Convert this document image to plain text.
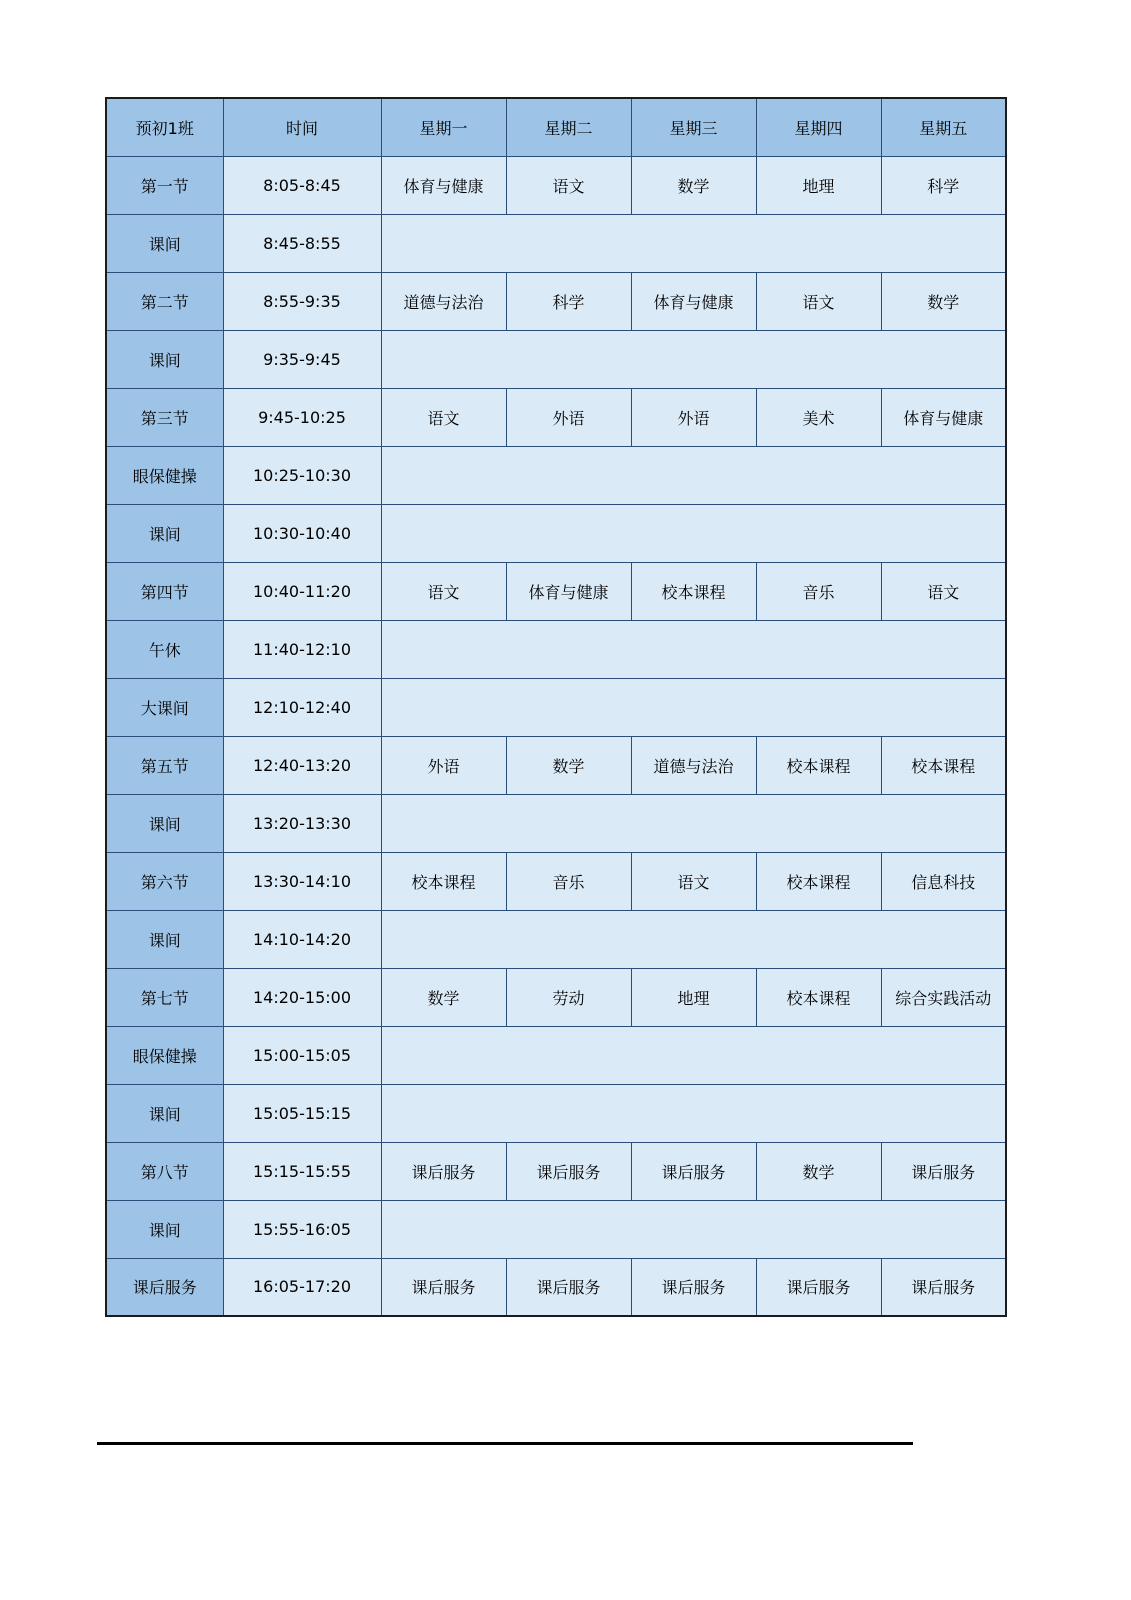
预初1班	时间	星期一	星期二	星期三	星期四	星期五
第一节	8:05-8:45	体育与健康	语文	数学	地理	科学
课间	8:45-8:55					
第二节	8:55-9:35	道德与法治	科学	体育与健康	语文	数学
课间	9:35-9:45					
第三节	9:45-10:25	语文	外语	外语	美术	体育与健康
眼保健操	10:25-10:30					
课间	10:30-10:40					
第四节	10:40-11:20	语文	体育与健康	校本课程	音乐	语文
午休	11:40-12:10					
大课间	12:10-12:40					
第五节	12:40-13:20	外语	数学	道德与法治	校本课程	校本课程
课间	13:20-13:30					
第六节	13:30-14:10	校本课程	音乐	语文	校本课程	信息科技
课间	14:10-14:20					
第七节	14:20-15:00	数学	劳动	地理	校本课程	综合实践活动
眼保健操	15:00-15:05					
课间	15:05-15:15					
第八节	15:15-15:55	课后服务	课后服务	课后服务	数学	课后服务
课间	15:55-16:05					
课后服务	16:05-17:20	课后服务	课后服务	课后服务	课后服务	课后服务
